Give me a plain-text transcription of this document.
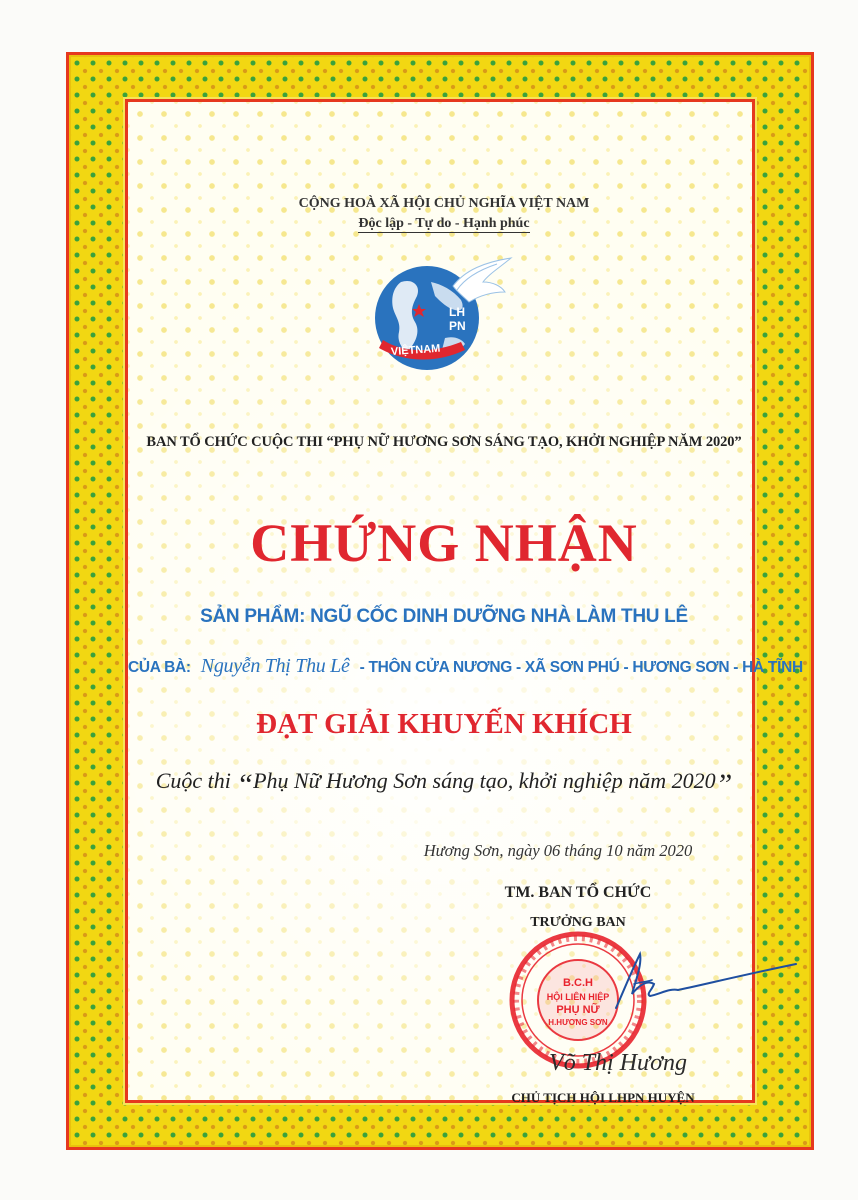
CỘNG HOÀ XÃ HỘI CHỦ NGHĨA VIỆT NAM
Độc lập - Tự do - Hạnh phúc
LH
PN
VIỆTNAM
BAN TỔ CHỨC CUỘC THI “PHỤ NỮ HƯƠNG SƠN SÁNG TẠO, KHỞI NGHIỆP NĂM 2020”
CHỨNG NHẬN
SẢN PHẨM: NGŨ CỐC DINH DƯỠNG NHÀ LÀM THU LÊ
CỦA BÀ: Nguyễn Thị Thu Lê - THÔN CỬA NƯƠNG - XÃ SƠN PHÚ - HƯƠNG SƠN - HÀ TĨNH
ĐẠT GIẢI KHUYẾN KHÍCH
Cuộc thi “Phụ Nữ Hương Sơn sáng tạo, khởi nghiệp năm 2020”
Hương Sơn, ngày 06 tháng 10 năm 2020
TM. BAN TỔ CHỨC
TRƯỞNG BAN
B.C.H
HỘI LIÊN HIỆP
PHỤ NỮ
H.HƯƠNG SƠN
Võ Thị Hương
CHỦ TỊCH HỘI LHPN HUYỆN
